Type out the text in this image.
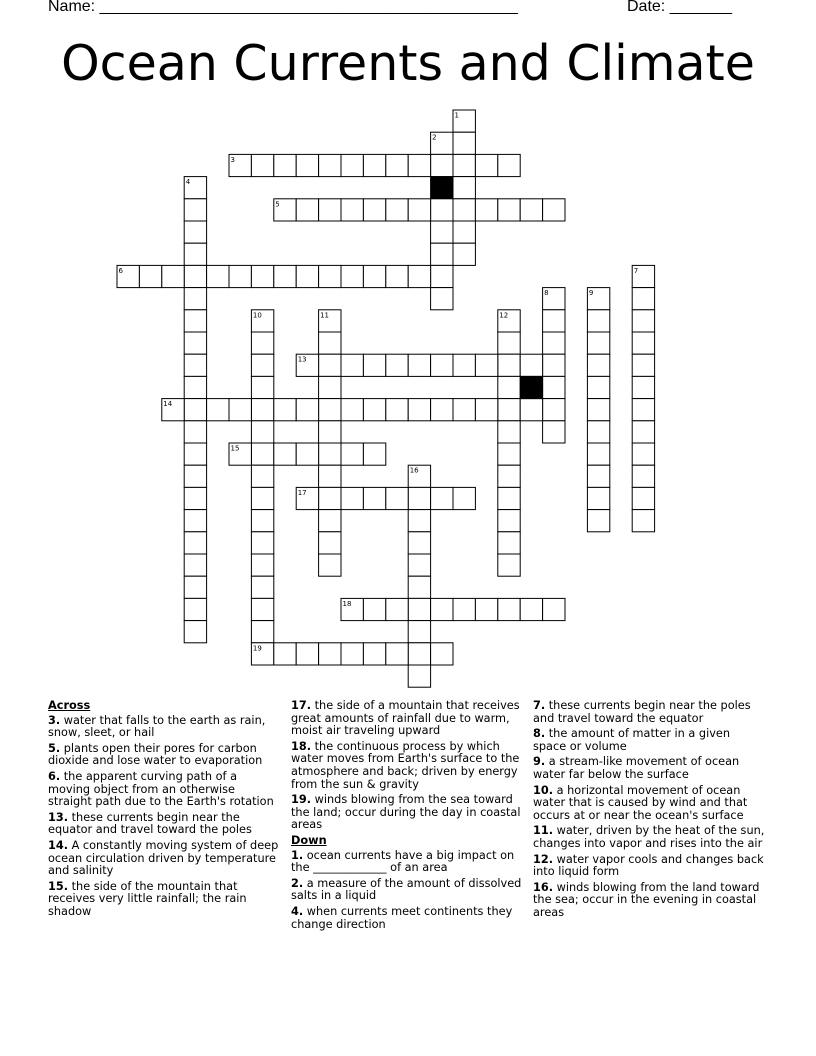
Name: _______________________________________________	Date: _______
Ocean Currents and Climate
1
2
3
4
5
6	7
8	9
10	11	12
13
14
15
16
17
18
19
Across
3. water that falls to the earth as rain, snow, sleet, or hail
5. plants open their pores for carbon dioxide and lose water to evaporation
6. the apparent curving path of a moving object from an otherwise straight path due to the Earth's rotation
13. these currents begin near the equator and travel toward the poles
14. A constantly moving system of deep ocean circulation driven by temperature and salinity
15. the side of the mountain that receives very little rainfall; the rain shadow
17. the side of a mountain that receives great amounts of rainfall due to warm, moist air traveling upward
18. the continuous process by which water moves from Earth's surface to the atmosphere and back; driven by energy from the sun & gravity
19. winds blowing from the sea toward the land; occur during the day in coastal areas
Down
1. ocean currents have a big impact on the _____________ of an area
2. a measure of the amount of dissolved salts in a liquid
4. when currents meet continents they change direction
7. these currents begin near the poles and travel toward the equator
8. the amount of matter in a given space or volume
9. a stream-like movement of ocean water far below the surface
10. a horizontal movement of ocean water that is caused by wind and that occurs at or near the ocean's surface
11. water, driven by the heat of the sun, changes into vapor and rises into the air
12. water vapor cools and changes back into liquid form
16. winds blowing from the land toward the sea; occur in the evening in coastal areas
